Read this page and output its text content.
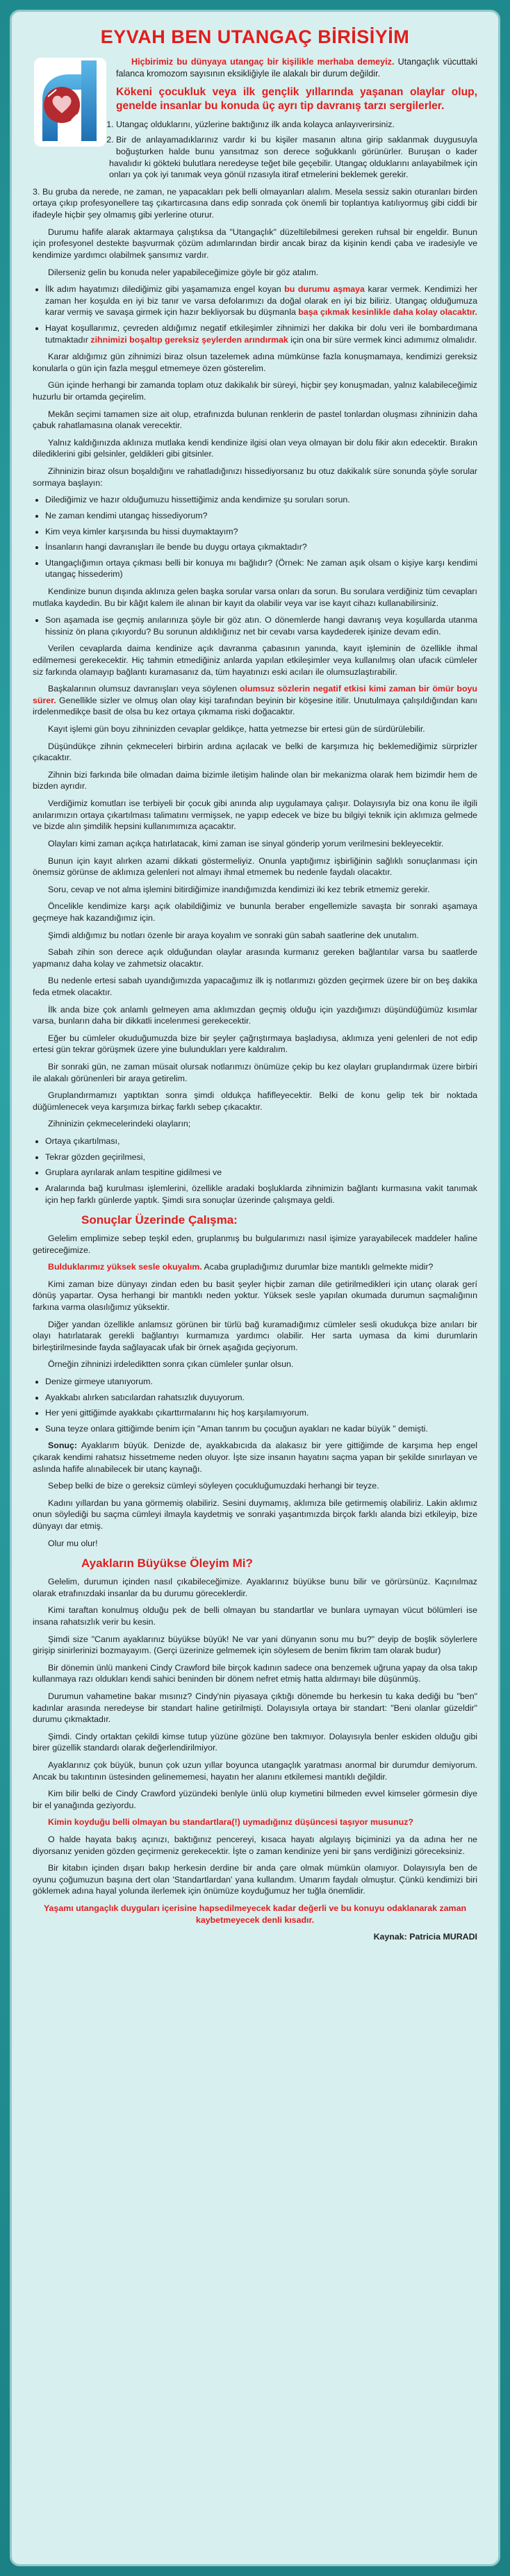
EYVAH BEN UTANGAÇ BİRİSİYİM

Hiçbirimiz bu dünyaya utangaç bir kişilikle merhaba demeyiz. Utangaçlık vücuttaki falanca kromozom sayısının eksikliğiyle ile alakalı bir durum değildir.

Kökeni çocukluk veya ilk gençlik yıllarında yaşanan olaylar olup, genelde insanlar bu konuda üç ayrı tip davranış tarzı sergilerler.

1. Utangaç olduklarını, yüzlerine baktığınız ilk anda kolayca anlayıverirsiniz.
2. Bir de anlayamadıklarınız vardır ki bu kişiler masanın altına girip saklanmak duygusuyla boğuşturken halde bunu yansıtmaz son derece soğukkanlı görünürler. Buruşan o kader havalıdır ki gökteki bulutlara neredeyse teğet bile geçebilir. Utangaç olduklarını anlayabilmek için onları ya çok iyi tanımak veya gönül rızasıyla itiraf etmelerini beklemek gerekir.

3. Bu gruba da nerede, ne zaman, ne yapacakları pek belli olmayanları alalım. Mesela sessiz sakin oturanları birden ortaya çıkıp profesyonellere taş çıkartırcasına dans edip sonrada çok önemli bir toplantıya katılıyormuş gibi ciddi bir ifadeyle hiçbir şey olmamış gibi yerlerine oturur.

Durumu hafife alarak aktarmaya çalıştıksa da "Utangaçlık" düzeltilebilmesi gereken ruhsal bir engeldir. Bunun için profesyonel destekte başvurmak çözüm adımlarından birdir ancak biraz da kişinin kendi çaba ve iradesiyle ve kendimize yardımcı olabilmek şansımız vardır.

Dilerseniz gelin bu konuda neler yapabileceğimize göyle bir göz atalım.

• İlk adım hayatımızı dilediğimiz gibi yaşamamıza engel koyan bu durumu aşmaya karar vermek. Kendimizi her zaman her koşulda en iyi biz tanır ve varsa defolarımızı da doğal olarak en iyi biz biliriz. Utangaç olduğumuza karar vermiş ve savaşa girmek için hazır bekliyorsak bu düşmanla başa çıkmak kesinlikle daha kolay olacaktır.
• Hayat koşullarımız, çevreden aldığımız negatif etkileşimler zihnimizi her dakika bir dolu veri ile bombardımana tutmaktadır zihnimizi boşaltıp gereksiz şeylerden arındırmak için ona bir süre vermek kinci adımımız olmalıdır.

Karar aldığımız gün zihnimizi biraz olsun tazelemek adına mümkünse fazla konuşmamaya, kendimizi gereksiz konularla o gün için fazla meşgul etmemeye özen gösterelim.

Gün içinde herhangi bir zamanda toplam otuz dakikalık bir süreyi, hiçbir şey konuşmadan, yalnız kalabileceğimiz huzurlu bir ortamda geçirelim.

Mekân seçimi tamamen size ait olup, etrafınızda bulunan renklerin de pastel tonlardan oluşması zihninizin daha çabuk rahatlamasına olanak verecektir.

Yalnız kaldığınızda aklınıza mutlaka kendi kendinize ilgisi olan veya olmayan bir dolu fikir akın edecektir. Bırakın dilediklerini gibi gelsinler, geldikleri gibi gitsinler.

Zihninizin biraz olsun boşaldığını ve rahatladığınızı hissediyorsanız bu otuz dakikalık süre sonunda şöyle sorular sormaya başlayın:

• Dilediğimiz ve hazır olduğumuzu hissettiğimiz anda kendimize şu soruları sorun.
• Ne zaman kendimi utangaç hissediyorum?
• Kim veya kimler karşısında bu hissi duymaktayım?
• İnsanların hangi davranışları ile bende bu duygu ortaya çıkmaktadır?
• Utangaçlığımın ortaya çıkması belli bir konuya mı bağlıdır? (Örnek: Ne zaman aşık olsam o kişiye karşı kendimi utangaç hissederim)

Kendinize bunun dışında aklınıza gelen başka sorular varsa onları da sorun. Bu sorulara verdiğiniz tüm cevapları mutlaka kaydedin. Bu bir kâğıt kalem ile alınan bir kayıt da olabilir veya var ise kayıt cihazı kullanabilirsiniz.

• Son aşamada ise geçmiş anılarınıza şöyle bir göz atın. O dönemlerde hangi davranış veya koşullarda utanma hissiniz ön plana çıkıyordu? Bu sorunun aldıklığınız net bir cevabı varsa kaydederek işinize devam edin.

Verilen cevaplarda daima kendinize açık davranma çabasının yanında, kayıt işleminin de özellikle ihmal edilmemesi gerekecektir. Hiç tahmin etmediğiniz anlarda yapılan etkileşimler veya kullanılmış olan ufacık cümleler siz farkında olamayıp bağlantı kuramasanız da, tüm hayatınızı eski acıları ile olumsuzlaştırabilir.

Başkalarının olumsuz davranışları veya söylenen olumsuz sözlerin negatif etkisi kimi zaman bir ömür boyu sürer. Genellikle sizler ve olmuş olan olay kişi tarafından beyinin bir köşesine itilir. Unutulmaya çalışıldığından kanı irdelenmedikçe basit de olsa bu kez ortaya çıkmama riski doğacaktır.

Kayıt işlemi gün boyu zihninizden cevaplar geldikçe, hatta yetmezse bir ertesi gün de sürdürülebilir.

Düşündükçe zihnin çekmeceleri birbirin ardına açılacak ve belki de karşımıza hiç beklemediğimiz sürprizler çıkacaktır.

Zihnin bizi farkında bile olmadan daima bizimle iletişim halinde olan bir mekanizma olarak hem bizimdir hem de bizden ayrıdır.

Verdiğimiz komutları ise terbiyeli bir çocuk gibi anında alıp uygulamaya çalışır. Dolayısıyla biz ona konu ile ilgili anılarımızın ortaya çıkartılması talimatını vermişsek, ne yapıp edecek ve bize bu bilgiyi teknik için aklımıza gelmede ve bizde alın şimdilik hepsini kullanımımıza açacaktır.

Olayları kimi zaman açıkça hatırlatacak, kimi zaman ise sinyal gönderip yorum verilmesini bekleyecektir.

Bunun için kayıt alırken azami dikkati göstermeliyiz. Onunla yaptığımız işbirliğinin sağlıklı sonuçlanması için önemsiz görünse de aklımıza gelenleri not almayı ihmal etmemek bu nedenle faydalı olacaktır.

Soru, cevap ve not alma işlemini bitirdiğimize inandığımızda kendimizi iki kez tebrik etmemiz gerekir.

Öncelikle kendimize karşı açık olabildiğimiz ve bununla beraber engellemizle savaşta bir sonraki aşamaya geçmeye hak kazandığımız için.

Şimdi aldığımız bu notları özenle bir araya koyalım ve sonraki gün sabah saatlerine dek unutalım.

Sabah zihin son derece açık olduğundan olaylar arasında kurmanız gereken bağlantılar varsa bu saatlerde yapmanız daha kolay ve zahmetsiz olacaktır.

Bu nedenle ertesi sabah uyandığımızda yapacağımız ilk iş notlarımızı gözden geçirmek üzere bir on beş dakika feda etmek olacaktır.

İlk anda bize çok anlamlı gelmeyen ama aklımızdan geçmiş olduğu için yazdığımızı düşündüğümüz kısımlar varsa, bunların daha bir dikkatli incelenmesi gerekecektir.

Eğer bu cümleler okuduğumuzda bize bir şeyler çağrıştırmaya başladıysa, aklımıza yeni gelenleri de not edip ertesi gün tekrar görüşmek üzere yine bulundukları yere kaldıralım.

Bir sonraki gün, ne zaman müsait olursak notlarımızı önümüze çekip bu kez olayları gruplandırmak üzere birbiri ile alakalı görünenleri bir araya getirelim.

Gruplandırmamızı yaptıktan sonra şimdi oldukça hafifleyecektir. Belki de konu gelip tek bir noktada düğümlenecek veya karşımıza birkaç farklı sebep çıkacaktır.

Zihninizin çekmecelerindeki olayların;

• Ortaya çıkartılması,
• Tekrar gözden geçirilmesi,
• Gruplara ayrılarak anlam tespitine gidilmesi ve
• Aralarında bağ kurulması işlemlerini, özellikle aradaki boşluklarda zihnimizin bağlantı kurmasına vakit tanımak için hep farklı günlerde yaptık. Şimdi sıra sonuçlar üzerinde çalışmaya geldi.
Sonuçlar Üzerinde Çalışma:

Gelelim emplimize sebep teşkil eden, gruplanmış bu bulgularımızı nasıl işimize yarayabilecek maddeler haline getireceğimize.

Bulduklarımız yüksek sesle okuyalım. Acaba grupladığımız durumlar bize mantıklı gelmekte midir?

Kimi zaman bize dünyayı zindan eden bu basit şeyler hiçbir zaman dile getirilmedikleri için utanç olarak gerí dönüş yapartar. Oysa herhangi bir mantıklı neden yoktur. Yüksek sesle yapılan okumada durumun saçmalığının farkına varma olasılığımız yüksektir.

Diğer yandan özellikle anlamsız görünen bir türlü bağ kuramadığımız cümleler sesli okudukça bize anıları bir olayı hatırlatarak gerekli bağlantıyı kurmamıza yardımcı olabilir. Her sarta uymasa da kimi durumlarin birleştirilmesinde fayda sağlayacak ufak bir örnek aşağıda geçiyorum.

Örneğin zihninizi irdelediktten sonra çıkan cümleler şunlar olsun.

• Denize girmeye utanıyorum.
• Ayakkabı alırken satıcılardan rahatsızlık duyuyorum.
• Her yeni gittiğimde ayakkabı çıkarttırmalarını hiç hoş karşılamıyorum.
• Suna teyze onlara gittiğimde benim için "Aman tanrım bu çocuğun ayakları ne kadar büyük " demişti.

Sonuç: Ayaklarım büyük. Denizde de, ayakkabıcıda da alakasız bir yere gittiğimde de karşıma hep engel çıkarak kendimi rahatsız hissetmeme neden oluyor. İşte size insanın hayatını saçma yapan bir şekilde sınırlayan ve aslında hafife alınabilecek bir utanç kaynağı.

Sebep belki de bize o gereksiz cümleyi söyleyen çocukluğumuzdaki herhangi bir teyze.

Kadını yıllardan bu yana görmemiş olabiliriz. Sesini duymamış, aklımıza bile getirmemiş olabiliriz. Lakin aklımız onun söylediği bu saçma cümleyi ilmayla kaydetmiş ve sonraki yaşantımızda birçok farklı alanda bizi etkileyip, bize dünyayı dar etmiş.

Olur mu olur!

Ayakların Büyükse Öleyim Mi?

Gelelim, durumun içinden nasıl çıkabileceğimize. Ayaklarınız büyükse bunu bilir ve görürsünüz. Kaçınılmaz olarak etrafınızdaki insanlar da bu durumu göreceklerdir.

Kimi taraftan konulmuş olduğu pek de belli olmayan bu standartlar ve bunlara uymayan vücut bölümleri ise insana rahatsızlık verir bu kesin.

Şimdi size "Canım ayaklarınız büyükse büyük! Ne var yani dünyanın sonu mu bu?" deyip de boşlik söylerlere girişip sinirlerinizi bozmayayım. (Gerçi üzerinize gelmemek için söylesem de benim fikrim tam olarak budur)

Bir dönemin ünlü mankeni Cindy Crawford bile birçok kadının sadece ona benzemek uğruna yapay da olsa takıp kullanmaya razı oldukları kendi sahici beninden bir dönem nefret etmiş hatta aldırmayı bile düşünmüş.

Durumun vahametine bakar mısınız? Cindy'nin piyasaya çıktığı dönemde bu herkesin tu kaka dediği bu "ben" kadınlar arasında neredeyse bir standart haline getirilmişti. Dolayısıyla ortaya bir standart: "Beni olanlar güzeldir" durumu çıkmaktadır.

Şimdi. Cindy ortaktan çekildi kimse tutup yüzüne gözüne ben takmıyor. Dolayısıyla benler eskiden olduğu gibi birer güzellik standardı olarak değerlendirilmiyor.

Ayaklarınız çok büyük, bunun çok uzun yıllar boyunca utangaçlık yaratması anormal bir durumdur demiyorum. Ancak bu takıntının üstesinden gelinememesi, hayatın her alanını etkilemesi mantıklı değildir.

Kim bilir belki de Cindy Crawford yüzündeki benlyle ünlü olup kıymetini bilmeden evvel kimseler görmesin diye bir el yanağında geziyordu.

Kimin koyduğu belli olmayan bu standartlara(!) uymadığınız düşüncesi taşıyor musunuz?

O halde hayata bakış açınızı, baktığınız pencereyi, kısaca hayatı algılayış biçiminizi ya da adına her ne diyorsanız yeniden gözden geçirmeniz gerekecektir. İşte o zaman kendinize yeni bir şans verdiğinizi göreceksiniz.

Bir kitabın içinden dışarı bakıp herkesin derdine bir anda çare olmak mümkün olamıyor. Dolayısıyla ben de oyunu çoğumuzun başına dert olan 'Standartlardan' yana kullandım. Umarım faydalı olmuştur. Çünkü kendimizi biri göklemek adına hayal yolunda ilerlemek için önümüze koyduğumuz her tuğla önemlidir.

Yaşamı utangaçlık duyguları içerisine hapsedilmeyecek kadar değerli ve bu konuyu odaklanarak zaman kaybetmeyecek denli kısadır.

Kaynak: Patricia MURADI
